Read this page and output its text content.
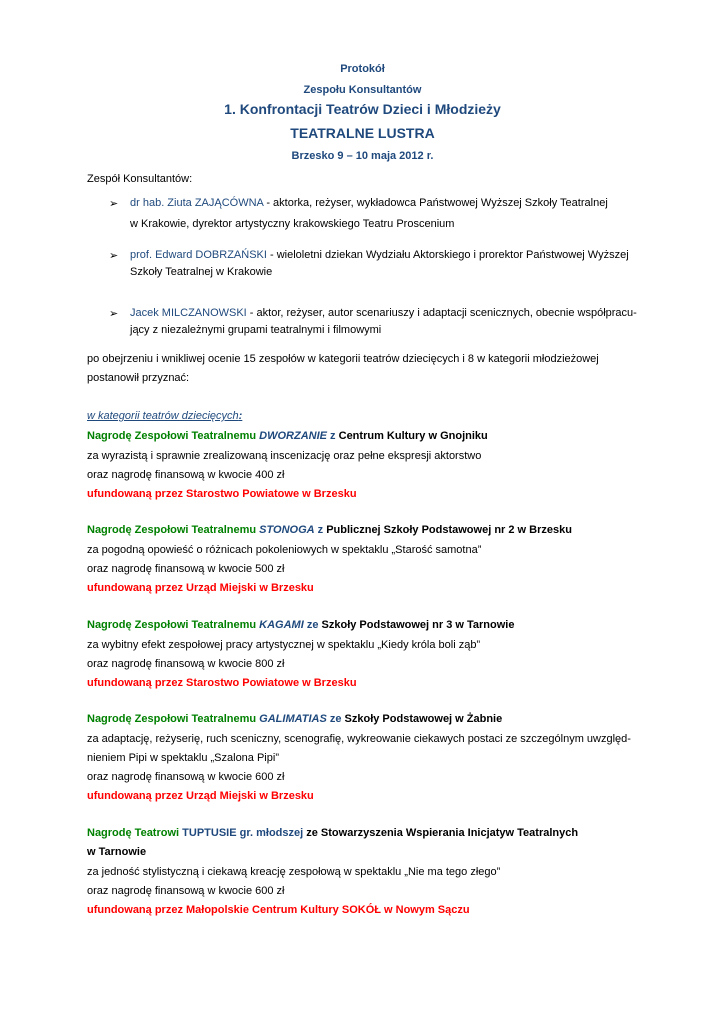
Protokół
Zespołu Konsultantów
1. Konfrontacji Teatrów Dzieci i Młodzieży
TEATRALNE LUSTRA
Brzesko 9 – 10 maja 2012 r.
Zespół Konsultantów:
➢ dr hab. Ziuta ZAJĄCÓWNA - aktorka, reżyser, wykładowca Państwowej Wyższej Szkoły Teatralnej
w Krakowie, dyrektor artystyczny krakowskiego Teatru Proscenium
➢ prof. Edward DOBRZAŃSKI - wieloletni dziekan Wydziału Aktorskiego i prorektor Państwowej Wyższej
Szkoły Teatralnej w Krakowie
➢ Jacek MILCZANOWSKI - aktor, reżyser, autor scenariuszy i adaptacji scenicznych, obecnie współpracu-
jący z niezależnymi grupami teatralnymi i filmowymi
po obejrzeniu i wnikliwej ocenie 15 zespołów w kategorii teatrów dziecięcych i 8 w kategorii młodzieżowej
postanowił przyznać:
w kategorii teatrów dziecięcych:
Nagrodę Zespołowi Teatralnemu DWORZANIE z Centrum Kultury w Gnojniku
za wyrazistą i sprawnie zrealizowaną inscenizację oraz pełne ekspresji aktorstwo
oraz nagrodę finansową w kwocie 400 zł
ufundowaną przez Starostwo Powiatowe w Brzesku
Nagrodę Zespołowi Teatralnemu STONOGA z Publicznej Szkoły Podstawowej nr 2 w Brzesku
za pogodną opowieść o różnicach pokoleniowych w spektaklu „Starość samotna”
oraz nagrodę finansową w kwocie 500 zł
ufundowaną przez Urząd Miejski w Brzesku
Nagrodę Zespołowi Teatralnemu KAGAMI ze Szkoły Podstawowej nr 3 w Tarnowie
za wybitny efekt zespołowej pracy artystycznej w spektaklu „Kiedy króla boli ząb”
oraz nagrodę finansową w kwocie 800 zł
ufundowaną przez Starostwo Powiatowe w Brzesku
Nagrodę Zespołowi Teatralnemu GALIMATIAS ze Szkoły Podstawowej w Żabnie
za adaptację, reżyserię, ruch sceniczny, scenografię, wykreowanie ciekawych postaci ze szczególnym uwzględ-
nieniem Pipi w spektaklu „Szalona Pipi”
oraz nagrodę finansową w kwocie 600 zł
ufundowaną przez Urząd Miejski w Brzesku
Nagrodę Teatrowi TUPTUSIE gr. młodszej ze Stowarzyszenia Wspierania Inicjatyw Teatralnych
w Tarnowie
za jedność stylistyczną i ciekawą kreację zespołową w spektaklu „Nie ma tego złego”
oraz nagrodę finansową w kwocie 600 zł
ufundowaną przez Małopolskie Centrum Kultury SOKÓŁ w Nowym Sączu
